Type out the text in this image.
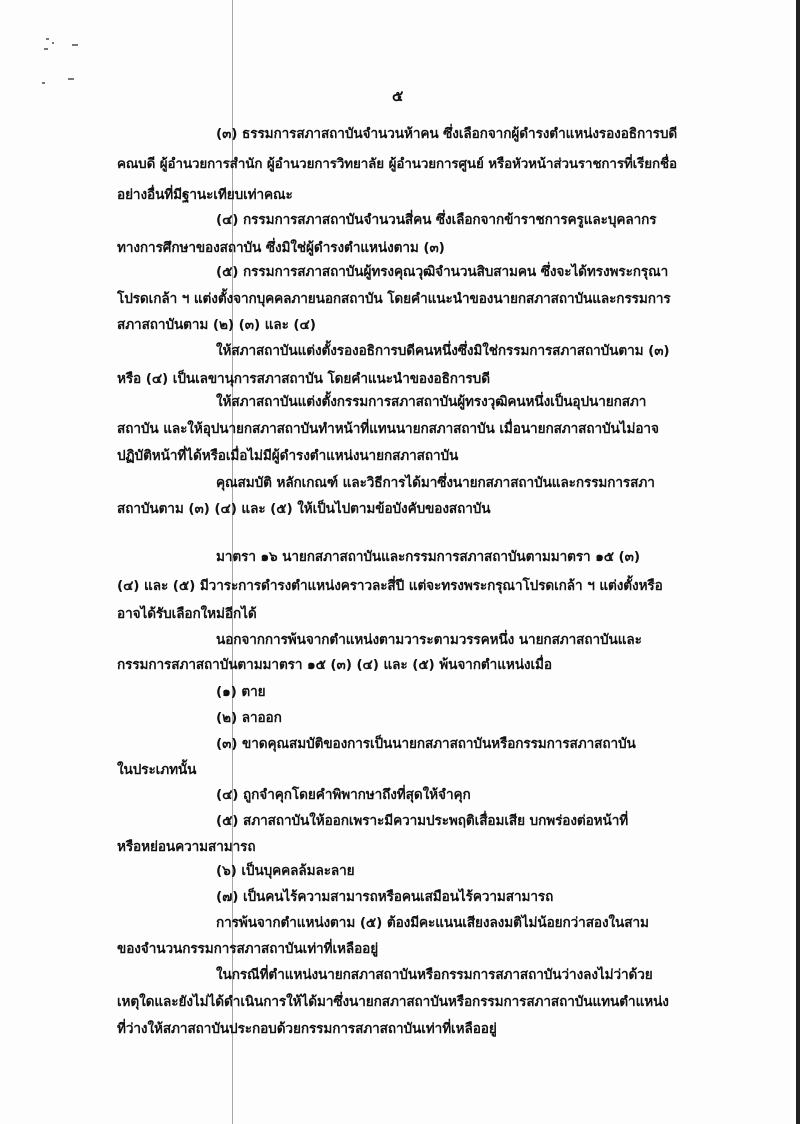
๕
(๓) ธรรมการสภาสถาบันจำนวนห้าคน ซึ่งเลือกจากผู้ดำรงตำแหน่งรองอธิการบดี
คณบดี ผู้อำนวยการสำนัก ผู้อำนวยการวิทยาลัย ผู้อำนวยการศูนย์ หรือหัวหน้าส่วนราชการที่เรียกชื่อ
อย่างอื่นที่มีฐานะเทียบเท่าคณะ
(๔) กรรมการสภาสถาบันจำนวนสี่คน ซึ่งเลือกจากข้าราชการครูและบุคลากร
ทางการศึกษาของสถาบัน ซึ่งมิใช่ผู้ดำรงตำแหน่งตาม (๓)
(๕) กรรมการสภาสถาบันผู้ทรงคุณวุฒิจำนวนสิบสามคน ซึ่งจะได้ทรงพระกรุณา
โปรดเกล้า ฯ แต่งตั้งจากบุคคลภายนอกสถาบัน โดยคำแนะนำของนายกสภาสถาบันและกรรมการ
สภาสถาบันตาม (๒) (๓) และ (๔)
ให้สภาสถาบันแต่งตั้งรองอธิการบดีคนหนึ่งซึ่งมิใช่กรรมการสภาสถาบันตาม (๓)
หรือ (๔) เป็นเลขานุการสภาสถาบัน โดยคำแนะนำของอธิการบดี
ให้สภาสถาบันแต่งตั้งกรรมการสภาสถาบันผู้ทรงวุฒิคนหนึ่งเป็นอุปนายกสภา
สถาบัน และให้อุปนายกสภาสถาบันทำหน้าที่แทนนายกสภาสถาบัน เมื่อนายกสภาสถาบันไม่อาจ
ปฏิบัติหน้าที่ได้หรือเมื่อไม่มีผู้ดำรงตำแหน่งนายกสภาสถาบัน
คุณสมบัติ หลักเกณฑ์ และวิธีการได้มาซึ่งนายกสภาสถาบันและกรรมการสภา
สถาบันตาม (๓) (๔) และ (๕) ให้เป็นไปตามข้อบังคับของสถาบัน
มาตรา ๑๖ นายกสภาสถาบันและกรรมการสภาสถาบันตามมาตรา ๑๕ (๓)
(๔) และ (๕) มีวาระการดำรงตำแหน่งคราวละสี่ปี แต่จะทรงพระกรุณาโปรดเกล้า ฯ แต่งตั้งหรือ
อาจได้รับเลือกใหม่อีกได้
นอกจากการพ้นจากตำแหน่งตามวาระตามวรรคหนึ่ง นายกสภาสถาบันและ
กรรมการสภาสถาบันตามมาตรา ๑๕ (๓) (๔) และ (๕) พ้นจากตำแหน่งเมื่อ
(๑) ตาย
(๒) ลาออก
(๓) ขาดคุณสมบัติของการเป็นนายกสภาสถาบันหรือกรรมการสภาสถาบัน
ในประเภทนั้น
(๔) ถูกจำคุกโดยคำพิพากษาถึงที่สุดให้จำคุก
(๕) สภาสถาบันให้ออกเพราะมีความประพฤติเสื่อมเสีย บกพร่องต่อหน้าที่
หรือหย่อนความสามารถ
(๖) เป็นบุคคลล้มละลาย
(๗) เป็นคนไร้ความสามารถหรือคนเสมือนไร้ความสามารถ
การพ้นจากตำแหน่งตาม (๕) ต้องมีคะแนนเสียงลงมติไม่น้อยกว่าสองในสาม
ของจำนวนกรรมการสภาสถาบันเท่าที่เหลืออยู่
ในกรณีที่ตำแหน่งนายกสภาสถาบันหรือกรรมการสภาสถาบันว่างลงไม่ว่าด้วย
เหตุใดและยังไม่ได้ดำเนินการให้ได้มาซึ่งนายกสภาสถาบันหรือกรรมการสภาสถาบันแทนตำแหน่ง
ที่ว่างให้สภาสถาบันประกอบด้วยกรรมการสภาสถาบันเท่าที่เหลืออยู่
